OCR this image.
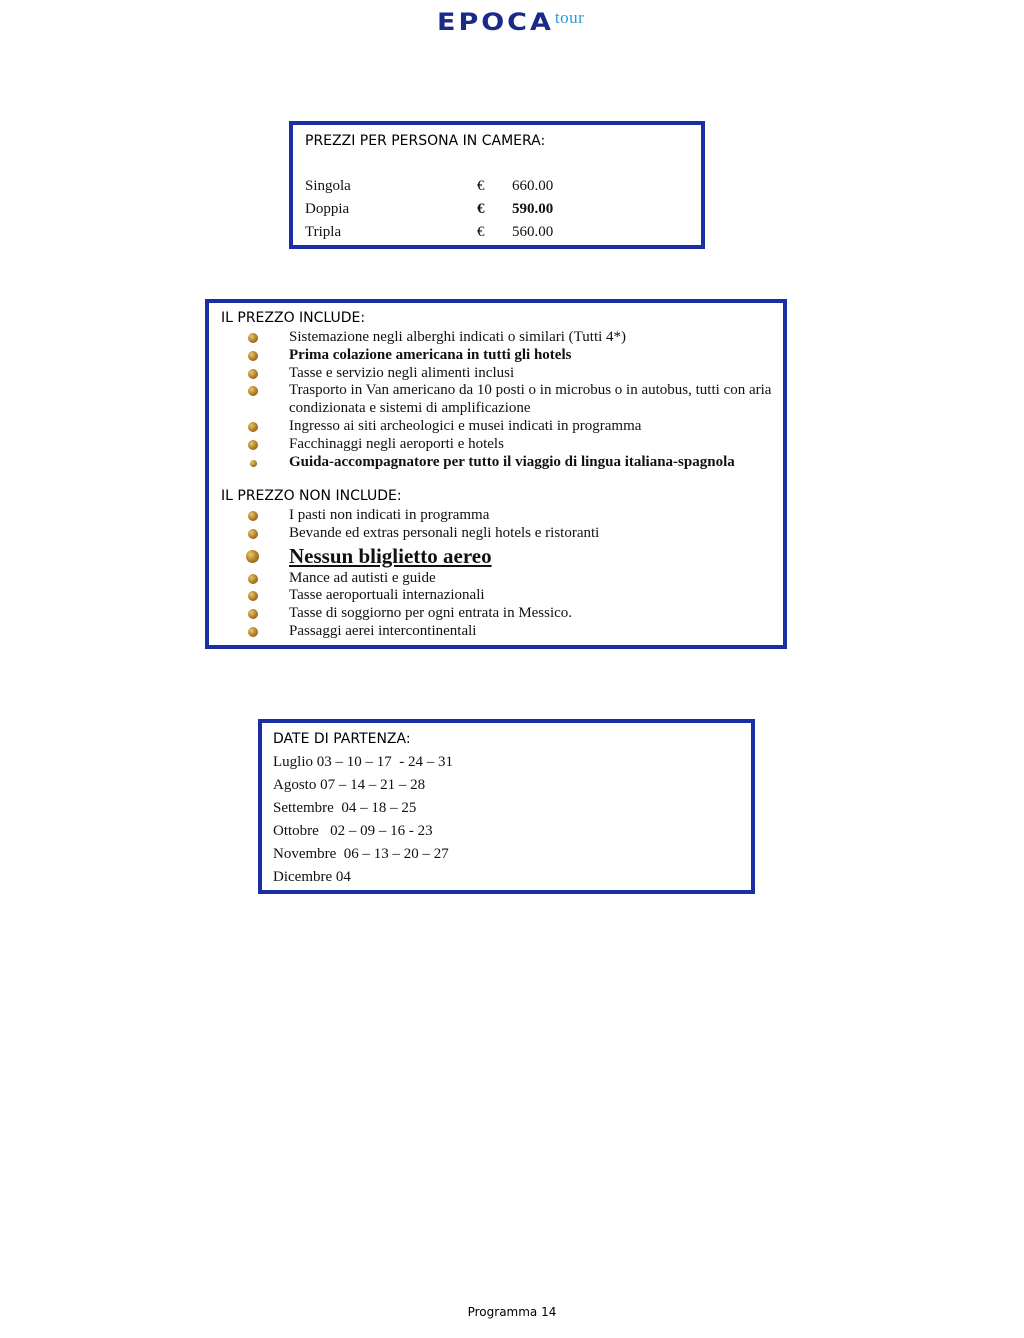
EPOCA tour
PREZZI PER PERSONA IN CAMERA:
Singola	€ 660.00
Doppia	€ 590.00
Tripla	€ 560.00
IL PREZZO INCLUDE:
Sistemazione negli alberghi indicati o similari (Tutti 4*)
Prima colazione americana in tutti gli hotels
Tasse e servizio negli alimenti inclusi
Trasporto in Van americano da 10 posti o in microbus o in autobus, tutti con aria condizionata e sistemi di amplificazione
Ingresso ai siti archeologici e musei indicati in programma
Facchinaggi negli aeroporti e hotels
Guida-accompagnatore per tutto il viaggio di lingua italiana-spagnola
IL PREZZO NON INCLUDE:
I pasti non indicati in programma
Bevande ed extras personali negli hotels e ristoranti
Nessun bliglietto aereo
Mance ad autisti e guide
Tasse aeroportuali internazionali
Tasse di soggiorno per ogni entrata in Messico.
Passaggi aerei intercontinentali
DATE DI PARTENZA:
Luglio 03 – 10 – 17  - 24 – 31
Agosto 07 – 14 – 21 – 28
Settembre  04 – 18 – 25
Ottobre   02 – 09 – 16 - 23
Novembre  06 – 13 – 20 – 27
Dicembre 04
Programma 14
